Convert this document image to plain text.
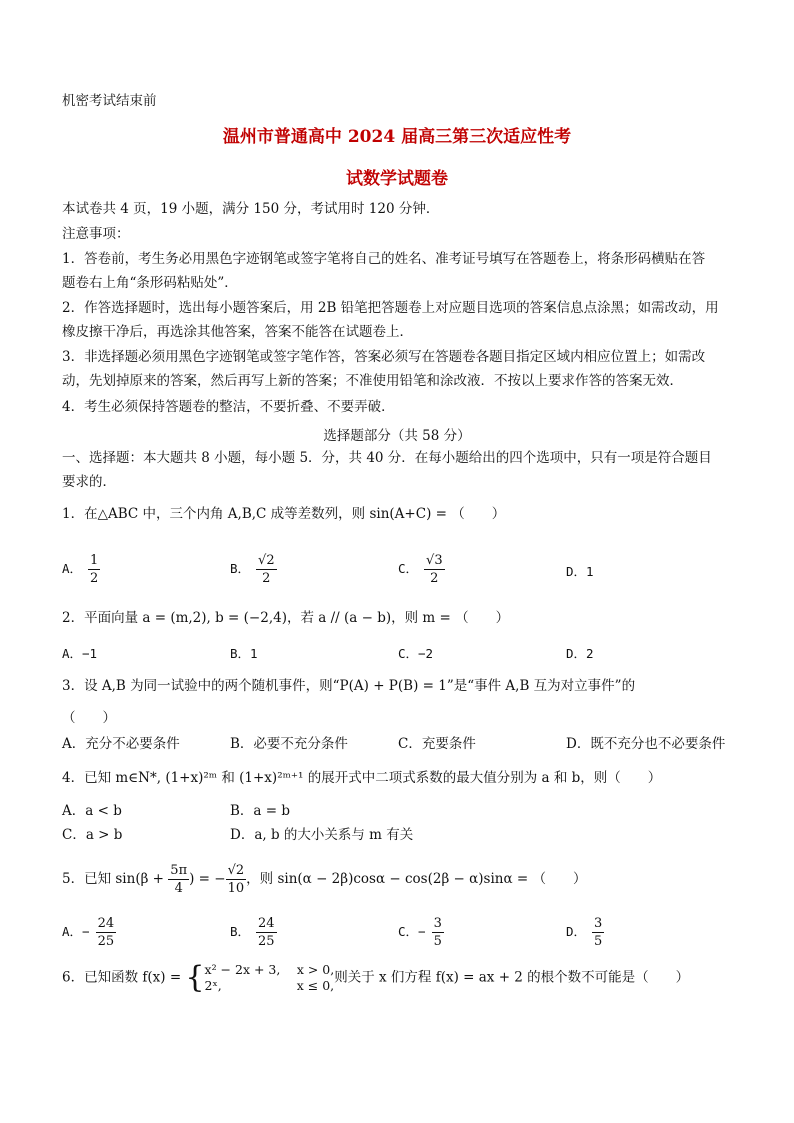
机密考试结束前
温州市普通高中 2024 届高三第三次适应性考
试数学试题卷
本试卷共 4 页，19 小题，满分 150 分，考试用时 120 分钟．
注意事项：
1．答卷前，考生务必用黑色字迹钢笔或签字笔将自己的姓名、准考证号填写在答题卷上，将条形码横贴在答
题卷右上角“条形码粘贴处”．
2．作答选择题时，选出每小题答案后，用 2B 铅笔把答题卷上对应题目选项的答案信息点涂黑；如需改动，用
橡皮擦干净后，再选涂其他答案，答案不能答在试题卷上．
3．非选择题必须用黑色字迹钢笔或签字笔作答，答案必须写在答题卷各题目指定区域内相应位置上；如需改
动，先划掉原来的答案，然后再写上新的答案；不准使用铅笔和涂改液．不按以上要求作答的答案无效．
4．考生必须保持答题卷的整洁，不要折叠、不要弄破．
选择题部分（共 58 分）
一、选择题：本大题共 8 小题，每小题 5．分，共 40 分．在每小题给出的四个选项中，只有一项是符合题目
要求的．
1．在△ABC 中，三个内角 A,B,C 成等差数列，则 sin(A+C) = （　　）
A． $\frac{1}{2}$	B． $\frac{√2}{2}$	C． $\frac{√3}{2}$	D．1
2．平面向量 a = (m,2), b = (−2,4)，若 a // (a − b)，则 m = （　　）
A．−1	B．1	C．−2	D．2
3．设 A,B 为同一试验中的两个随机事件，则“P(A) + P(B) = 1”是“事件 A,B 互为对立事件”的
（　　）
A．充分不必要条件	B．必要不充分条件	C．充要条件	D．既不充分也不必要条件
4．已知 m∈N*, (1+x)²ᵐ 和 (1+x)²ᵐ⁺¹ 的展开式中二项式系数的最大值分别为 a 和 b，则（　　）
A．a < b	B．a = b
C．a > b	D．a, b 的大小关系与 m 有关
5．已知 $\sin(\beta + \frac{5\pi}{4}$ ) = − $\frac{√2}{10}$ ，则 sin(α − 2β)cosα − cos(2β − α)sinα = （　　）
A．− $\frac{24}{25}$	B． $\frac{24}{25}$	C．− $\frac{3}{5}$	D． $\frac{3}{5}$
6．已知函数 f(x) = { x² − 2x + 3,　 x > 0,
2ˣ,　　　　　　x ≤ 0, 则关于 x 们方程 f(x) = ax + 2 的根个数不可能是（　　）
